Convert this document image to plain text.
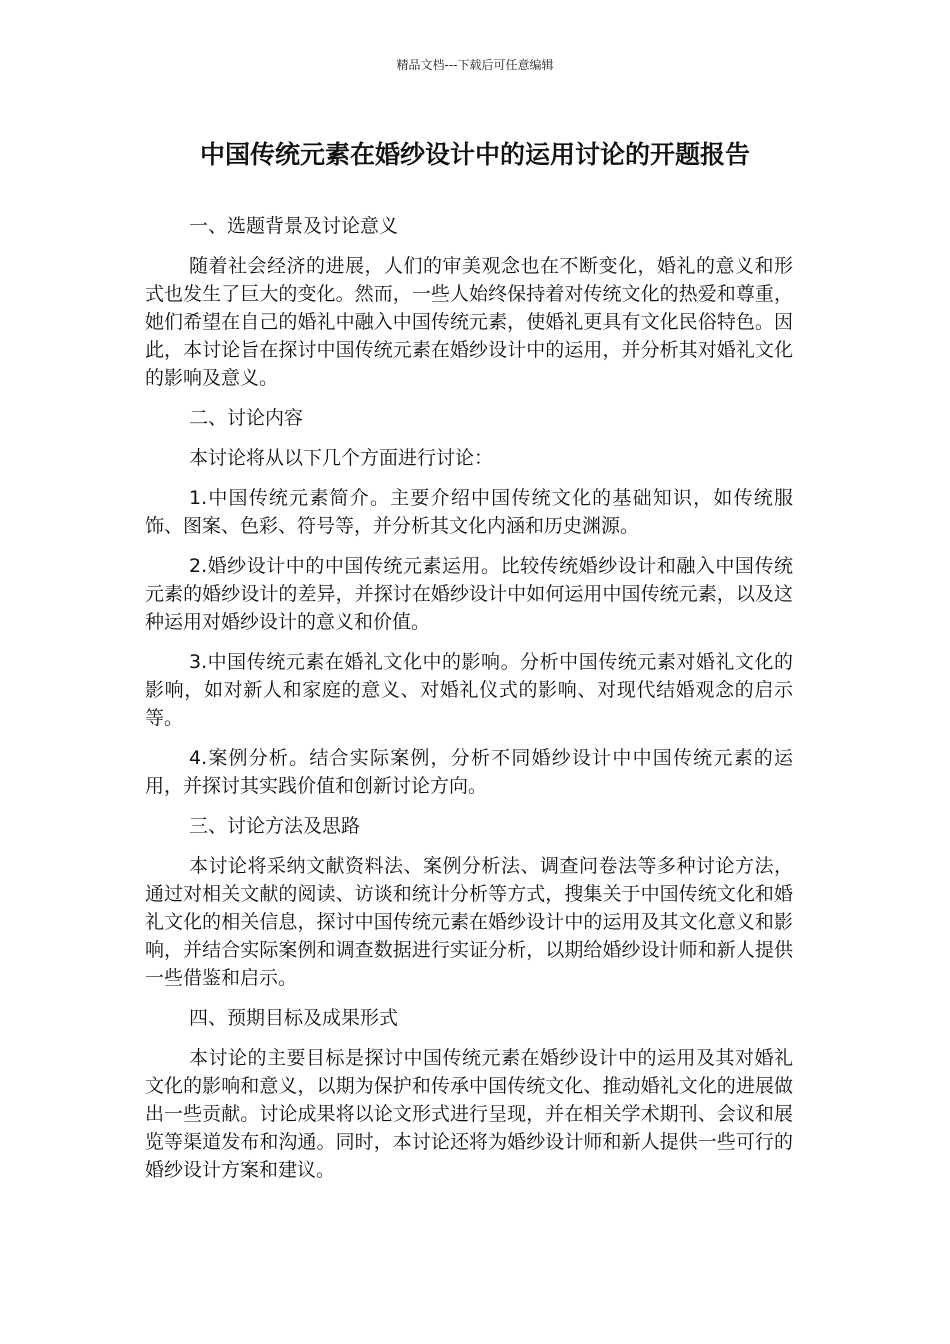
精品文档---下载后可任意编辑
中国传统元素在婚纱设计中的运用讨论的开题报告

一、选题背景及讨论意义

随着社会经济的进展，人们的审美观念也在不断变化，婚礼的意义和形式也发生了巨大的变化。然而，一些人始终保持着对传统文化的热爱和尊重，她们希望在自己的婚礼中融入中国传统元素，使婚礼更具有文化民俗特色。因此，本讨论旨在探讨中国传统元素在婚纱设计中的运用，并分析其对婚礼文化的影响及意义。

二、讨论内容

本讨论将从以下几个方面进行讨论：

1.中国传统元素简介。主要介绍中国传统文化的基础知识，如传统服饰、图案、色彩、符号等，并分析其文化内涵和历史渊源。

2.婚纱设计中的中国传统元素运用。比较传统婚纱设计和融入中国传统元素的婚纱设计的差异，并探讨在婚纱设计中如何运用中国传统元素，以及这种运用对婚纱设计的意义和价值。

3.中国传统元素在婚礼文化中的影响。分析中国传统元素对婚礼文化的影响，如对新人和家庭的意义、对婚礼仪式的影响、对现代结婚观念的启示等。

4.案例分析。结合实际案例，分析不同婚纱设计中中国传统元素的运用，并探讨其实践价值和创新讨论方向。

三、讨论方法及思路

本讨论将采纳文献资料法、案例分析法、调查问卷法等多种讨论方法，通过对相关文献的阅读、访谈和统计分析等方式，搜集关于中国传统文化和婚礼文化的相关信息，探讨中国传统元素在婚纱设计中的运用及其文化意义和影响，并结合实际案例和调查数据进行实证分析，以期给婚纱设计师和新人提供一些借鉴和启示。

四、预期目标及成果形式

本讨论的主要目标是探讨中国传统元素在婚纱设计中的运用及其对婚礼文化的影响和意义，以期为保护和传承中国传统文化、推动婚礼文化的进展做出一些贡献。讨论成果将以论文形式进行呈现，并在相关学术期刊、会议和展览等渠道发布和沟通。同时，本讨论还将为婚纱设计师和新人提供一些可行的婚纱设计方案和建议。
